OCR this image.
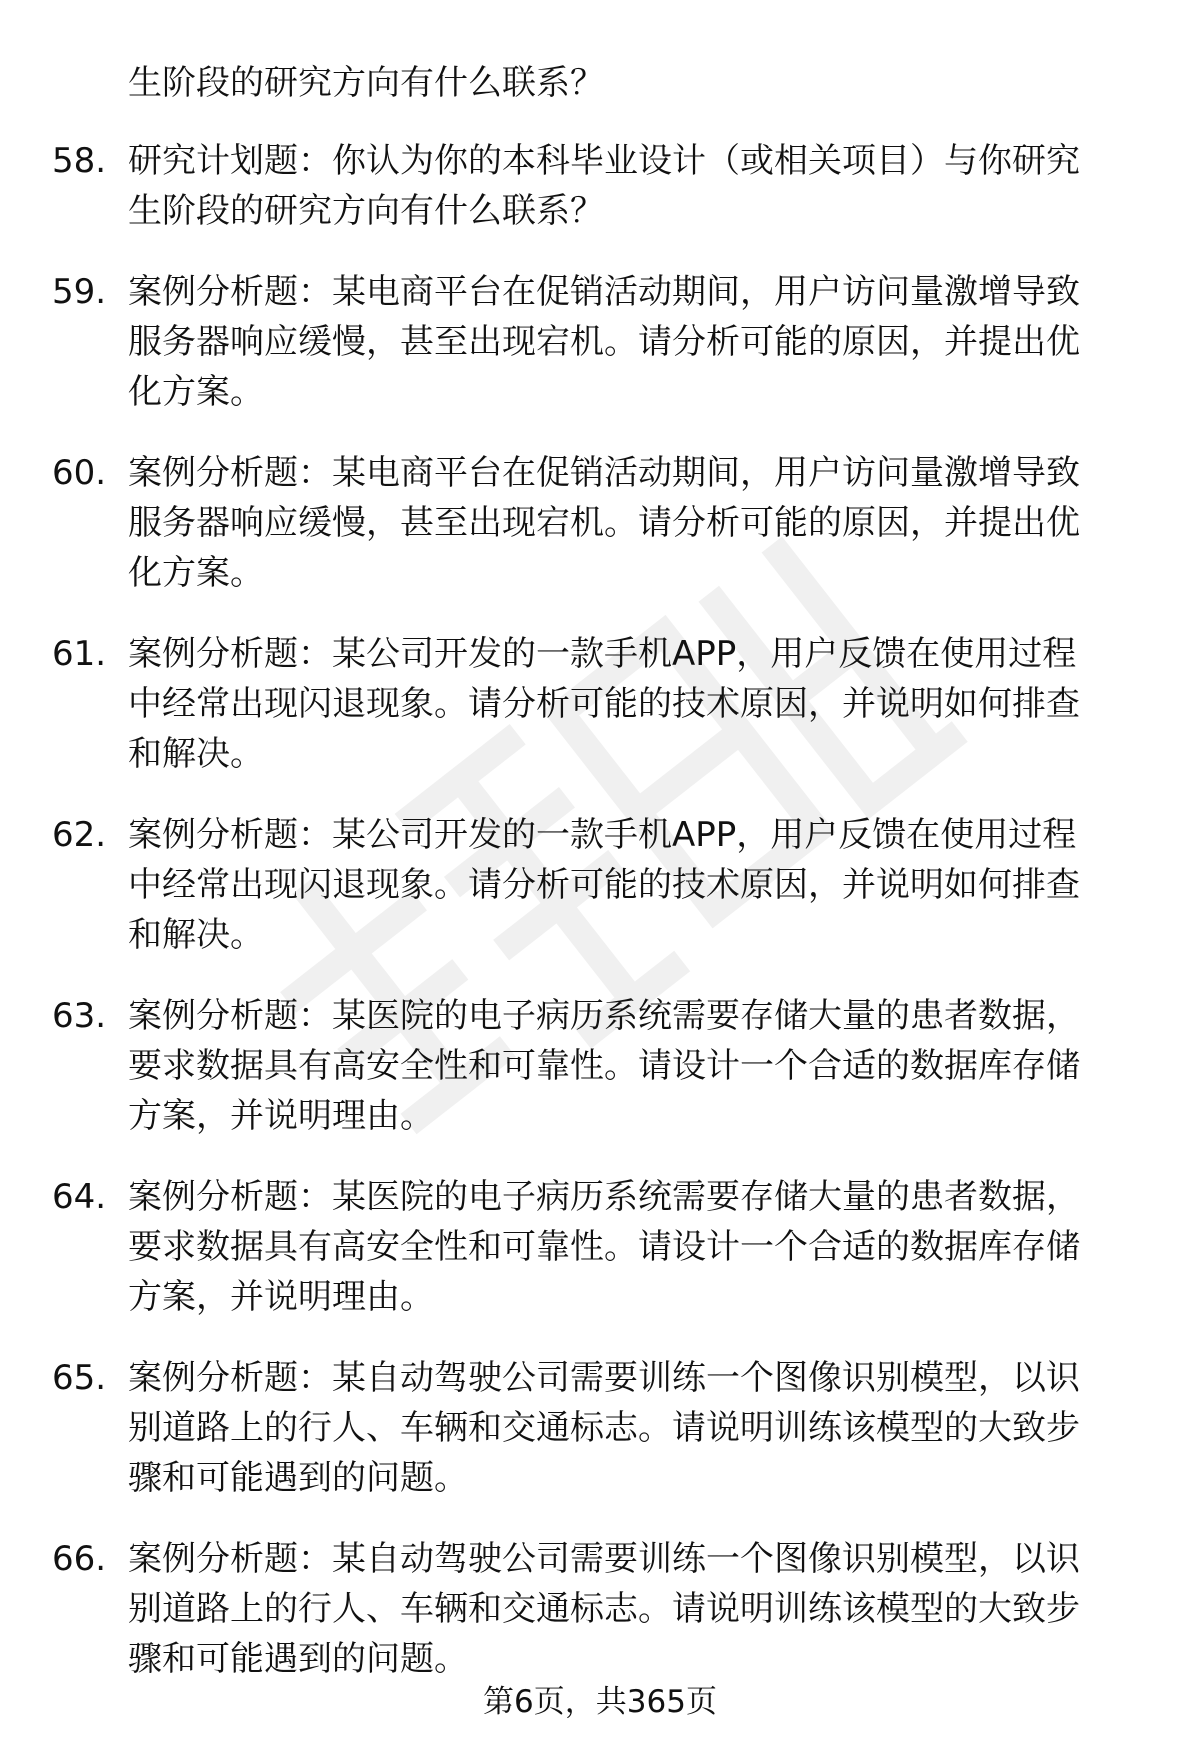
生阶段的研究方向有什么联系？
58. 研究计划题：你认为你的本科毕业设计（或相关项目）与你研究
生阶段的研究方向有什么联系？
59. 案例分析题：某电商平台在促销活动期间，用户访问量激增导致
服务器响应缓慢，甚至出现宕机。请分析可能的原因，并提出优
化方案。
60. 案例分析题：某电商平台在促销活动期间，用户访问量激增导致
服务器响应缓慢，甚至出现宕机。请分析可能的原因，并提出优
化方案。
61. 案例分析题：某公司开发的一款手机APP，用户反馈在使用过程
中经常出现闪退现象。请分析可能的技术原因，并说明如何排查
和解决。
62. 案例分析题：某公司开发的一款手机APP，用户反馈在使用过程
中经常出现闪退现象。请分析可能的技术原因，并说明如何排查
和解决。
63. 案例分析题：某医院的电子病历系统需要存储大量的患者数据，
要求数据具有高安全性和可靠性。请设计一个合适的数据库存储
方案，并说明理由。
64. 案例分析题：某医院的电子病历系统需要存储大量的患者数据，
要求数据具有高安全性和可靠性。请设计一个合适的数据库存储
方案，并说明理由。
65. 案例分析题：某自动驾驶公司需要训练一个图像识别模型，以识
别道路上的行人、车辆和交通标志。请说明训练该模型的大致步
骤和可能遇到的问题。
66. 案例分析题：某自动驾驶公司需要训练一个图像识别模型，以识
别道路上的行人、车辆和交通标志。请说明训练该模型的大致步
骤和可能遇到的问题。
第6页，共365页
